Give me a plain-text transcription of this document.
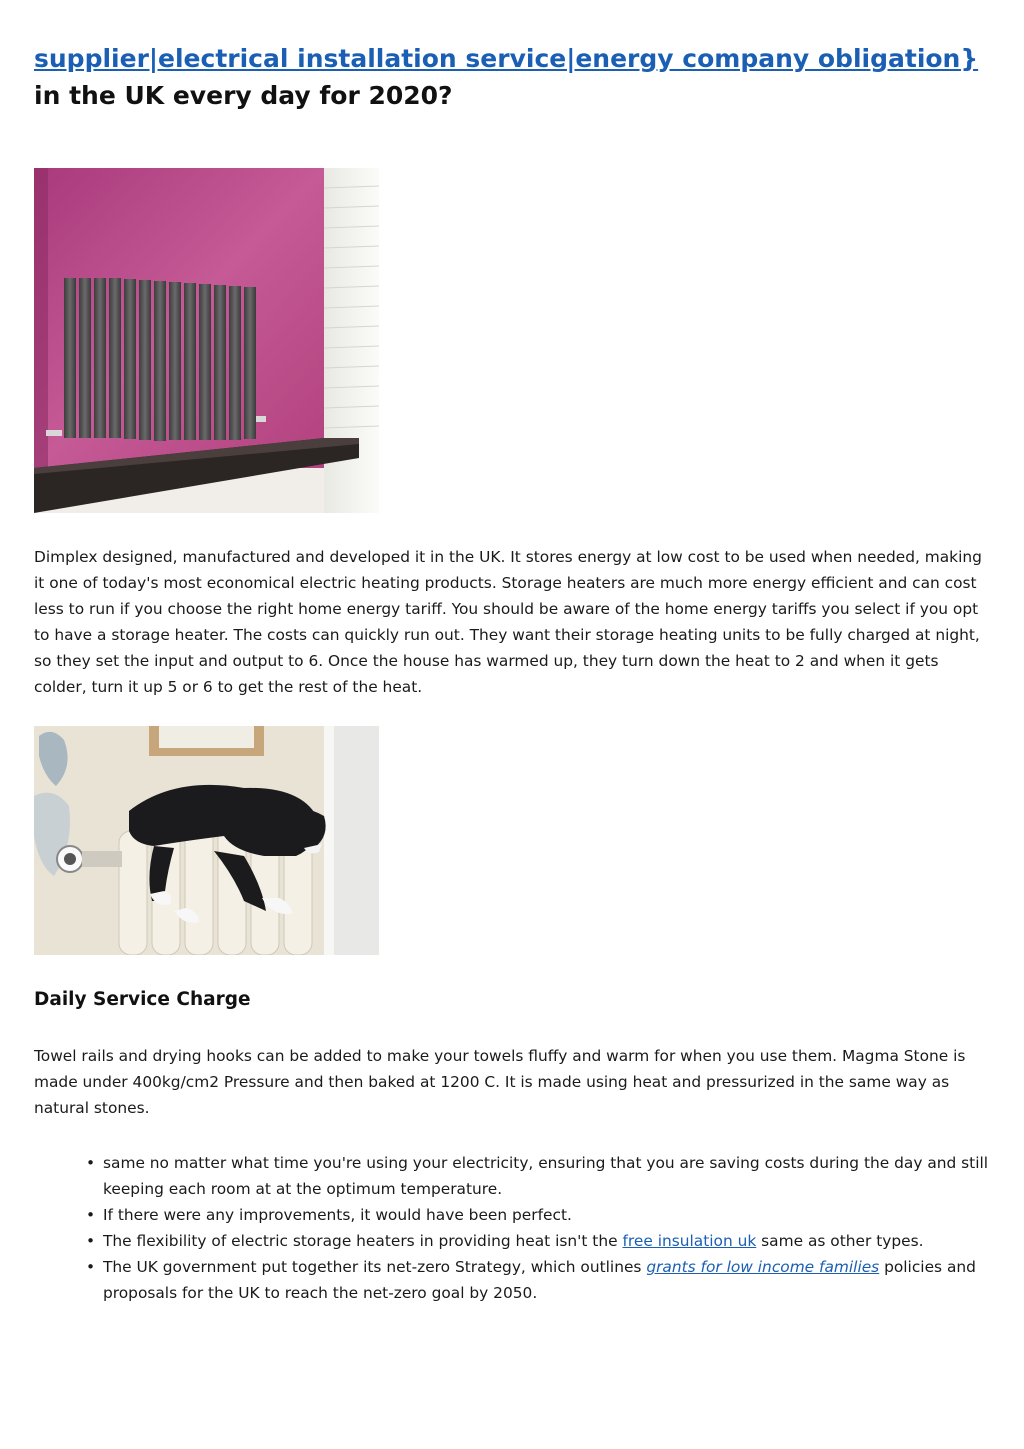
supplier|electrical installation service|energy company obligation} in the UK every day for 2020?

Dimplex designed, manufactured and developed it in the UK. It stores energy at low cost to be used when needed, making it one of today's most economical electric heating products. Storage heaters are much more energy efficient and can cost less to run if you choose the right home energy tariff. You should be aware of the home energy tariffs you select if you opt to have a storage heater. The costs can quickly run out. They want their storage heating units to be fully charged at night, so they set the input and output to 6. Once the house has warmed up, they turn down the heat to 2 and when it gets colder, turn it up 5 or 6 to get the rest of the heat.

Daily Service Charge

Towel rails and drying hooks can be added to make your towels fluffy and warm for when you use them. Magma Stone is made under 400kg/cm2 Pressure and then baked at 1200 C. It is made using heat and pressurized in the same way as natural stones.

• same no matter what time you're using your electricity, ensuring that you are saving costs during the day and still keeping each room at at the optimum temperature.
• If there were any improvements, it would have been perfect.
• The flexibility of electric storage heaters in providing heat isn't the free insulation uk same as other types.
• The UK government put together its net-zero Strategy, which outlines grants for low income families policies and proposals for the UK to reach the net-zero goal by 2050.
